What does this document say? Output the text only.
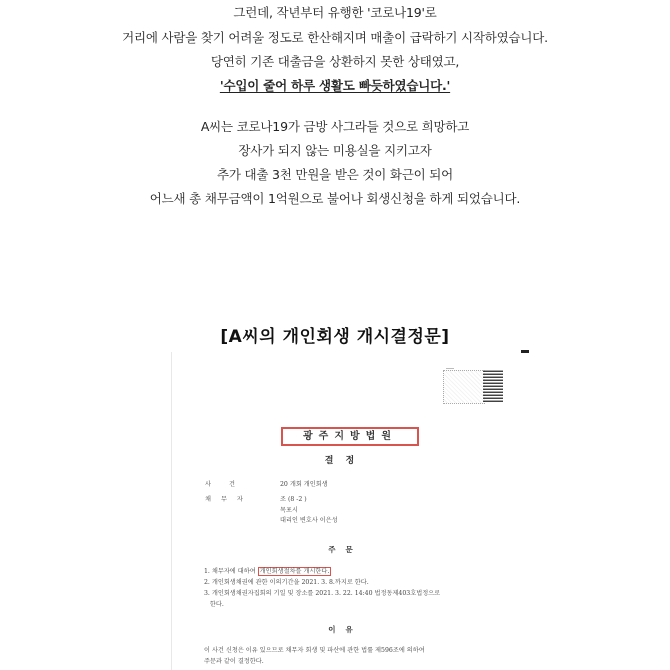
그런데, 작년부터 유행한 '코로나19'로
거리에 사람을 찾기 어려울 정도로 한산해지며 매출이 급락하기 시작하였습니다.
당연히 기존 대출금을 상환하지 못한 상태였고,
'수입이 줄어 하루 생활도 빠듯하였습니다.'
A씨는 코로나19가 금방 사그라들 것으로 희망하고
장사가 되지 않는 미용실을 지키고자
추가 대출 3천 만원을 받은 것이 화근이 되어
어느새 총 채무금액이 1억원으로 불어나 회생신청을 하게 되었습니다.
[A씨의 개인회생 개시결정문]
광주지방법원
결정
사 건	20 개회 개인회생
채 무 자	조 (8 -2 )
목포시
대리인 변호사 이은성
주문
1. 채무자에 대하여 개인회생절차를 개시한다.
2. 개인회생채권에 관한 이의기간을 2021. 3. 8.까지로 한다.
3. 개인회생채권자집회의 기일 및 장소를 2021. 3. 22. 14:40 법정동제403호법정으로
한다.
이유
이 사건 신청은 이유 있으므로 채무자 회생 및 파산에 관한 법률 제596조에 의하여
주문과 같이 결정한다.
